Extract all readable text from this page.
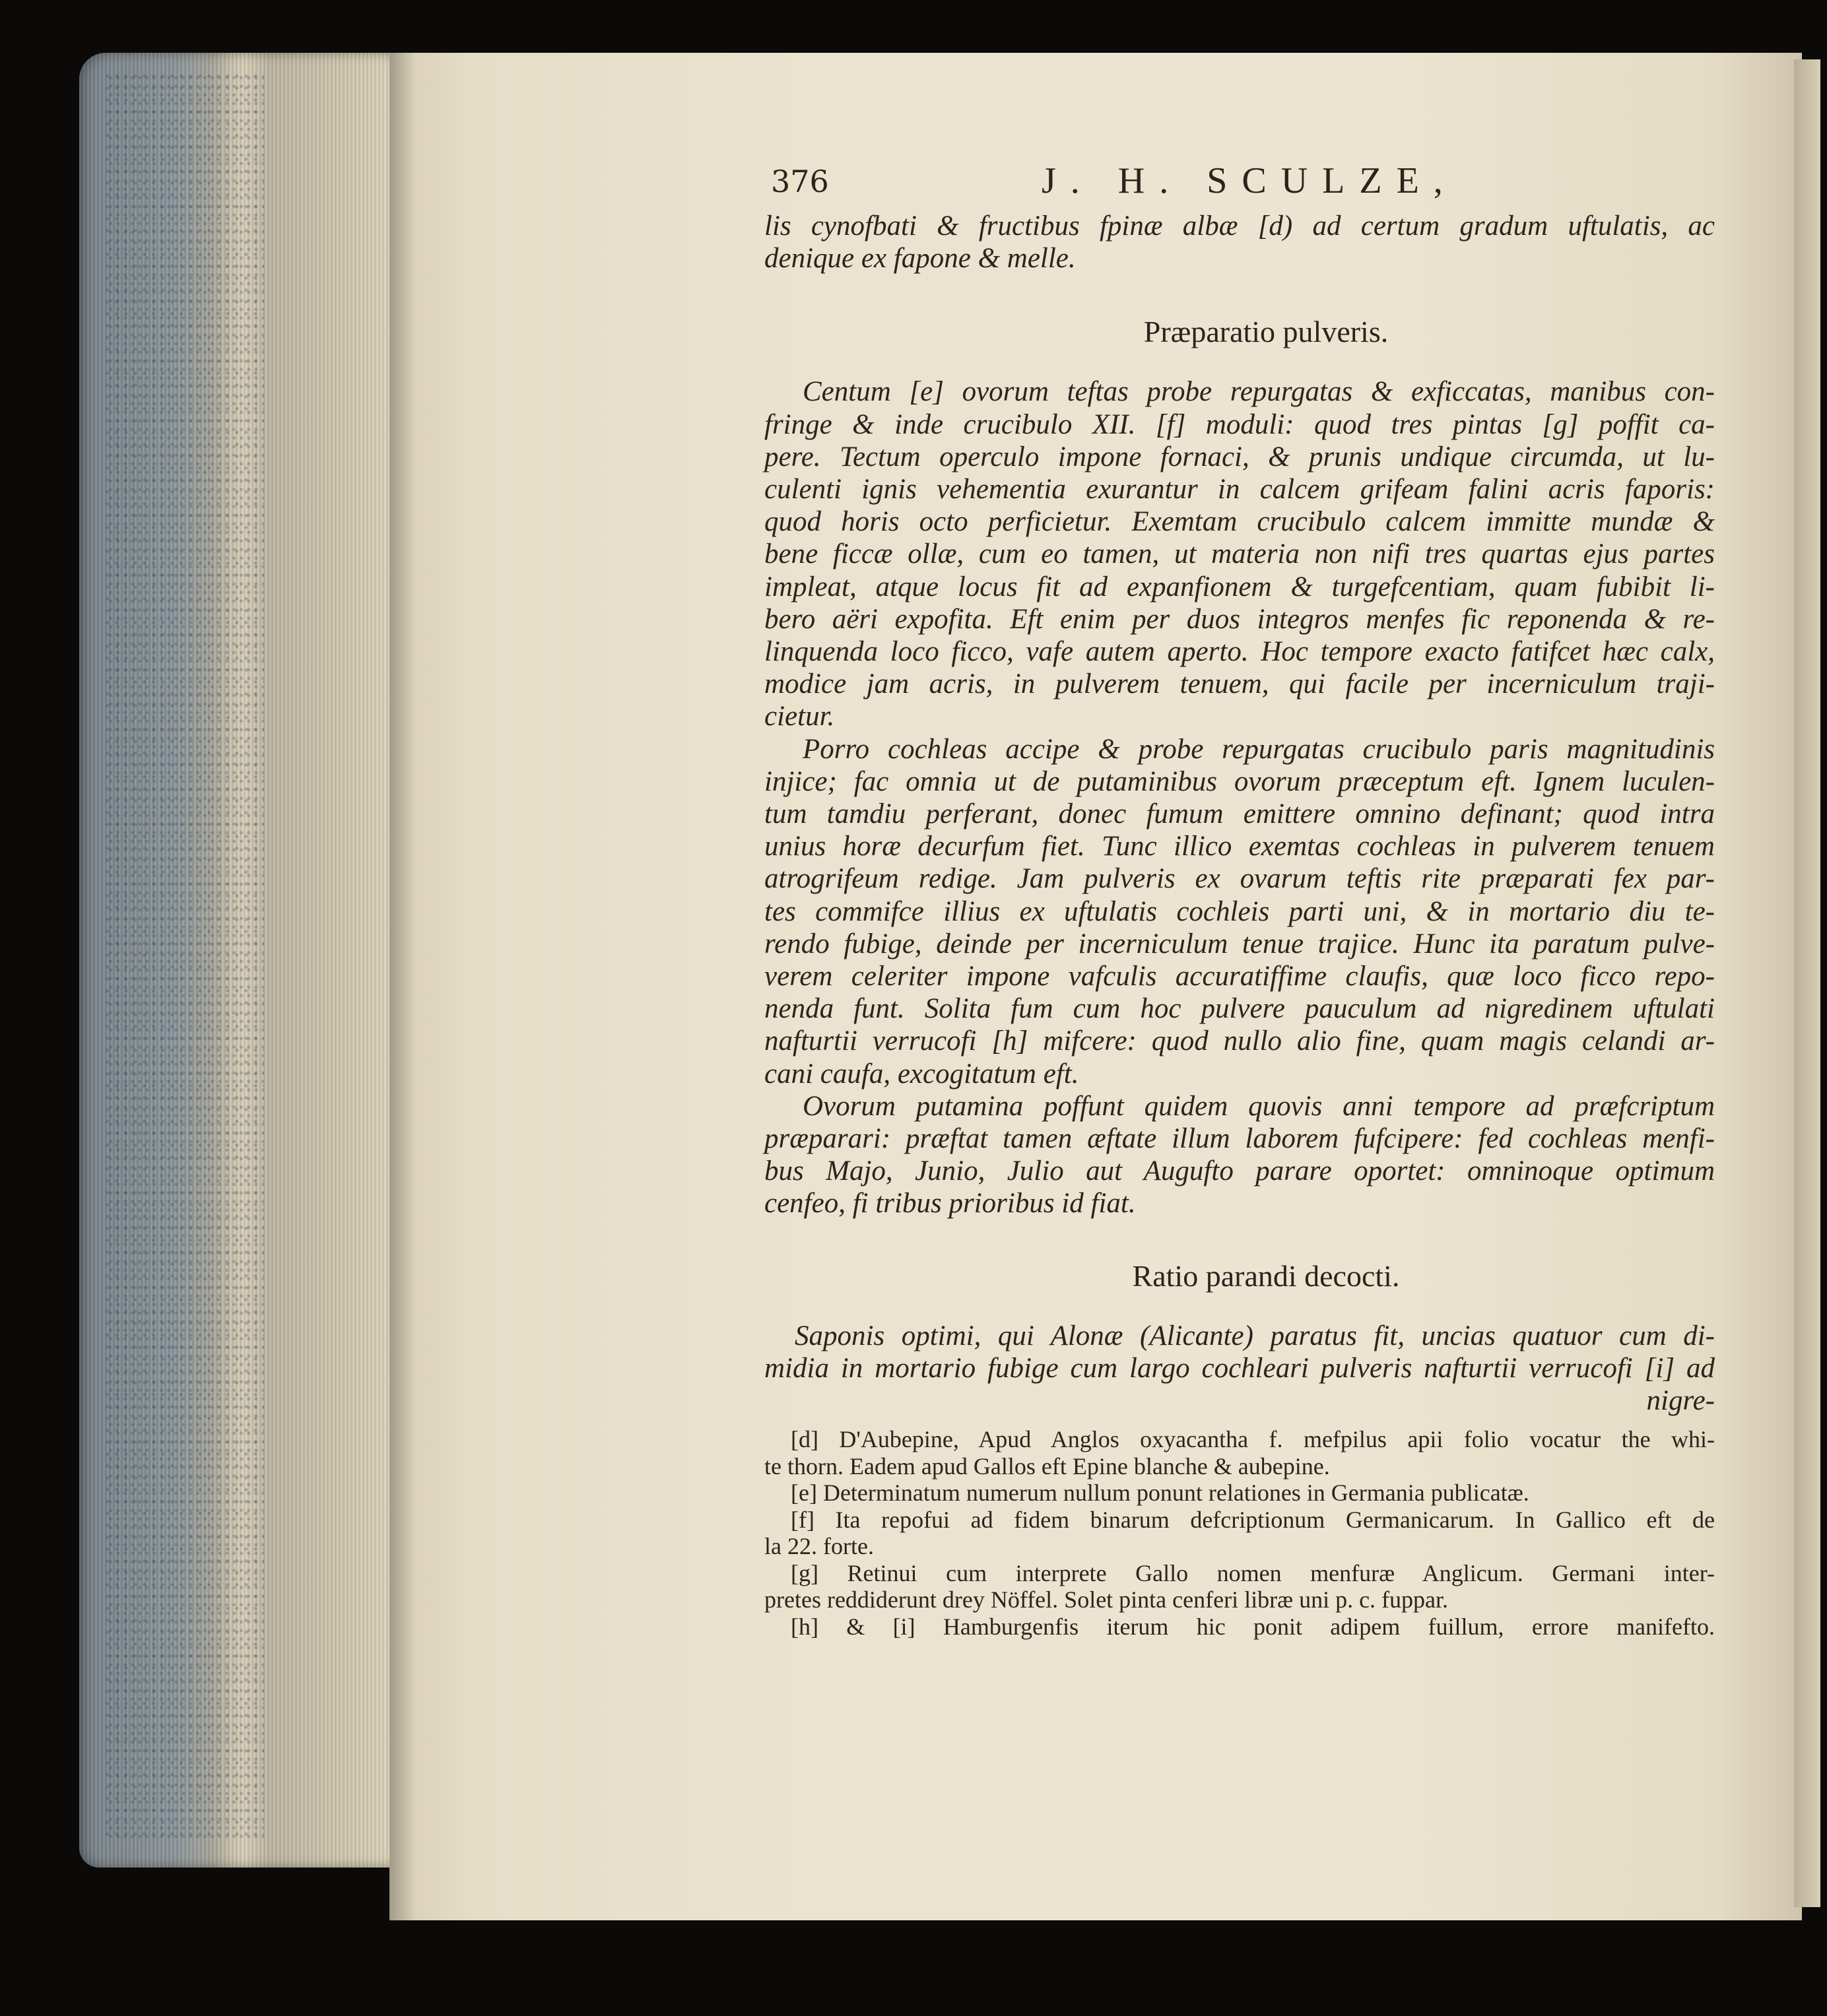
376	J. H. SCULZE,
lis cynofbati & fructibus fpinæ albæ [d) ad certum gradum uftulatis, ac
denique ex fapone & melle.
Præparatio pulveris.
Centum [e] ovorum teftas probe repurgatas & exficcatas, manibus con-
fringe & inde crucibulo XII. [f] moduli: quod tres pintas [g] poffit ca-
pere. Tectum operculo impone fornaci, & prunis undique circumda, ut lu-
culenti ignis vehementia exurantur in calcem grifeam falini acris faporis:
quod horis octo perficietur. Exemtam crucibulo calcem immitte mundæ &
bene ficcæ ollæ, cum eo tamen, ut materia non nifi tres quartas ejus partes
impleat, atque locus fit ad expanfionem & turgefcentiam, quam fubibit li-
bero aëri expofita. Eft enim per duos integros menfes fic reponenda & re-
linquenda loco ficco, vafe autem aperto. Hoc tempore exacto fatifcet hæc calx,
modice jam acris, in pulverem tenuem, qui facile per incerniculum traji-
cietur.
Porro cochleas accipe & probe repurgatas crucibulo paris magnitudinis
injice; fac omnia ut de putaminibus ovorum præceptum eft. Ignem luculen-
tum tamdiu perferant, donec fumum emittere omnino definant; quod intra
unius horæ decurfum fiet. Tunc illico exemtas cochleas in pulverem tenuem
atrogrifeum redige. Jam pulveris ex ovarum teftis rite præparati fex par-
tes commifce illius ex uftulatis cochleis parti uni, & in mortario diu te-
rendo fubige, deinde per incerniculum tenue trajice. Hunc ita paratum pulve-
verem celeriter impone vafculis accuratiffime claufis, quæ loco ficco repo-
nenda funt. Solita fum cum hoc pulvere pauculum ad nigredinem uftulati
nafturtii verrucofi [h] mifcere: quod nullo alio fine, quam magis celandi ar-
cani caufa, excogitatum eft.
Ovorum putamina poffunt quidem quovis anni tempore ad præfcriptum
præparari: præftat tamen æftate illum laborem fufcipere: fed cochleas menfi-
bus Majo, Junio, Julio aut Augufto parare oportet: omninoque optimum
cenfeo, fi tribus prioribus id fiat.
Ratio parandi decocti.
Saponis optimi, qui Alonæ (Alicante) paratus fit, uncias quatuor cum di-
midia in mortario fubige cum largo cochleari pulveris nafturtii verrucofi [i] ad
nigre-
[d] D'Aubepine, Apud Anglos oxyacantha f. mefpilus apii folio vocatur the whi-
te thorn. Eadem apud Gallos eft Epine blanche & aubepine.
[e] Determinatum numerum nullum ponunt relationes in Germania publicatæ.
[f] Ita repofui ad fidem binarum defcriptionum Germanicarum. In Gallico eft de
la 22. forte.
[g] Retinui cum interprete Gallo nomen menfuræ Anglicum. Germani inter-
pretes reddiderunt drey Nöffel. Solet pinta cenferi libræ uni p. c. fuppar.
[h] & [i] Hamburgenfis iterum hic ponit adipem fuillum, errore manifefto.
